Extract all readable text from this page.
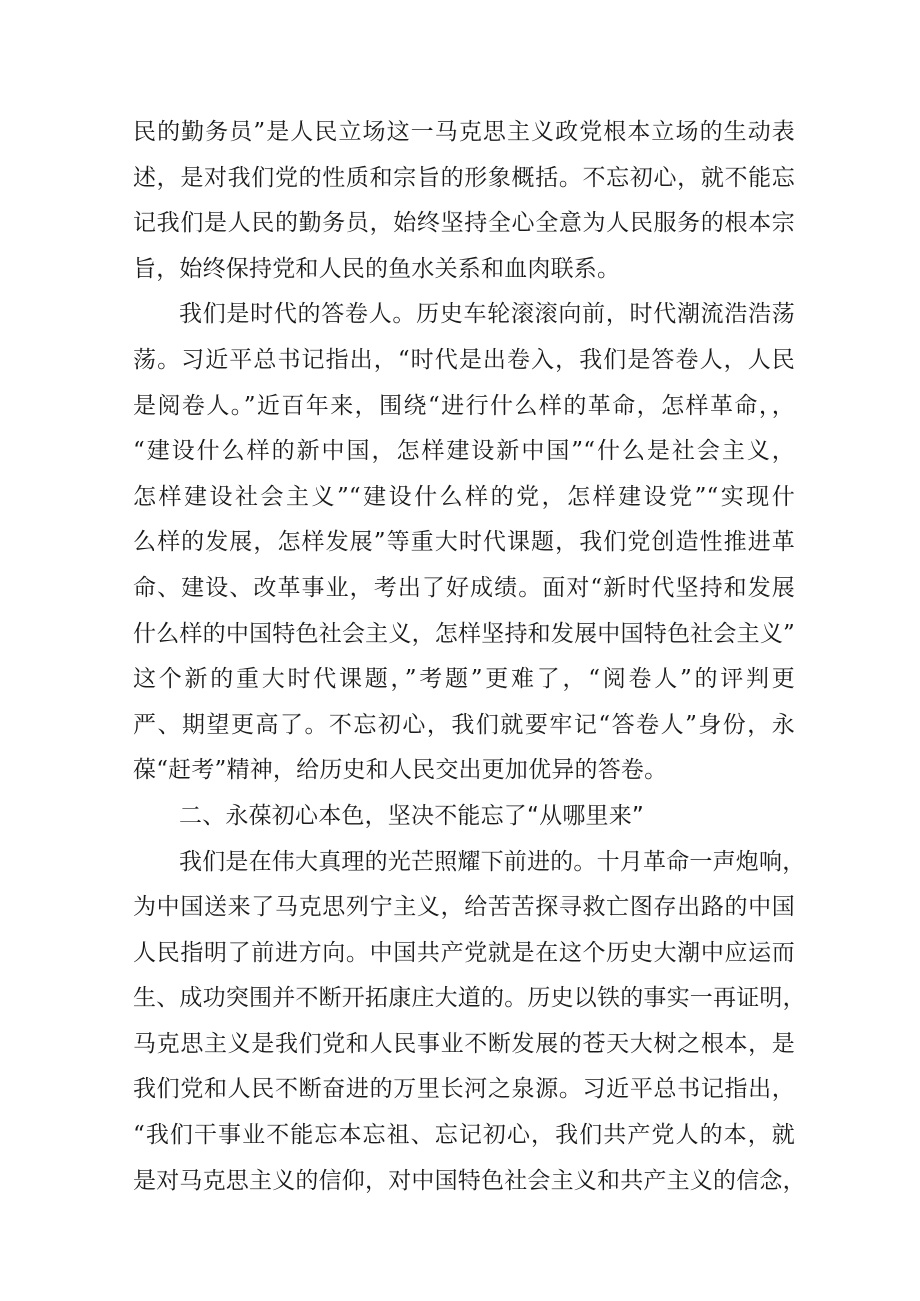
民的勤务员”是人民立场这一马克思主义政党根本立场的生动表
述，是对我们党的性质和宗旨的形象概括。不忘初心，就不能忘
记我们是人民的勤务员，始终坚持全心全意为人民服务的根本宗
旨，始终保持党和人民的鱼水关系和血肉联系。
我们是时代的答卷人。历史车轮滚滚向前，时代潮流浩浩荡
荡。习近平总书记指出，“时代是出卷入，我们是答卷人，人民
是阅卷人。”近百年来，围绕“进行什么样的革命，怎样革命，，
“建设什么样的新中国，怎样建设新中国”“什么是社会主义，
怎样建设社会主义”“建设什么样的党，怎样建设党”“实现什
么样的发展，怎样发展”等重大时代课题，我们党创造性推进革
命、建设、改革事业，考出了好成绩。面对“新时代坚持和发展
什么样的中国特色社会主义，怎样坚持和发展中国特色社会主义”
这个新的重大时代课题，”考题”更难了，“阅卷人”的评判更
严、期望更高了。不忘初心，我们就要牢记“答卷人”身份，永
葆“赶考”精神，给历史和人民交出更加优异的答卷。
二、永葆初心本色，坚决不能忘了“从哪里来”
我们是在伟大真理的光芒照耀下前进的。十月革命一声炮响，
为中国送来了马克思列宁主义，给苦苦探寻救亡图存出路的中国
人民指明了前进方向。中国共产党就是在这个历史大潮中应运而
生、成功突围并不断开拓康庄大道的。历史以铁的事实一再证明，
马克思主义是我们党和人民事业不断发展的苍天大树之根本，是
我们党和人民不断奋进的万里长河之泉源。习近平总书记指出，
“我们干事业不能忘本忘祖、忘记初心，我们共产党人的本，就
是对马克思主义的信仰，对中国特色社会主义和共产主义的信念，
